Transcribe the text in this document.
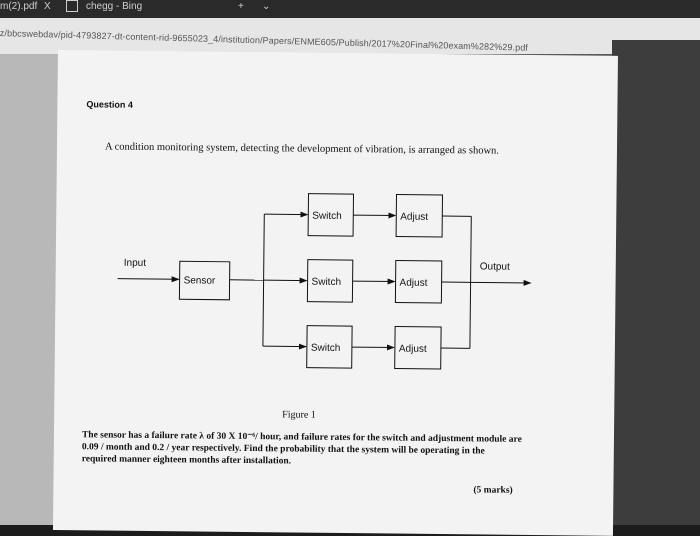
m(2).pdf X	chegg - Bing	+ ⌄
z/bbcswebdav/pid-4793827-dt-content-rid-9655023_4/institution/Papers/ENME605/Publish/2017%20Final%20exam%282%29.pdf
Question 4
A condition monitoring system, detecting the development of vibration, is arranged as shown.
Input	Output
Sensor
Switch
Switch
Switch
Adjust
Adjust
Adjust
Figure 1
The sensor has a failure rate λ of 30 X 10⁻⁶/ hour, and failure rates for the switch and adjustment module are 0.09 / month and 0.2 / year respectively. Find the probability that the system will be operating in the required manner eighteen months after installation.
(5 marks)
